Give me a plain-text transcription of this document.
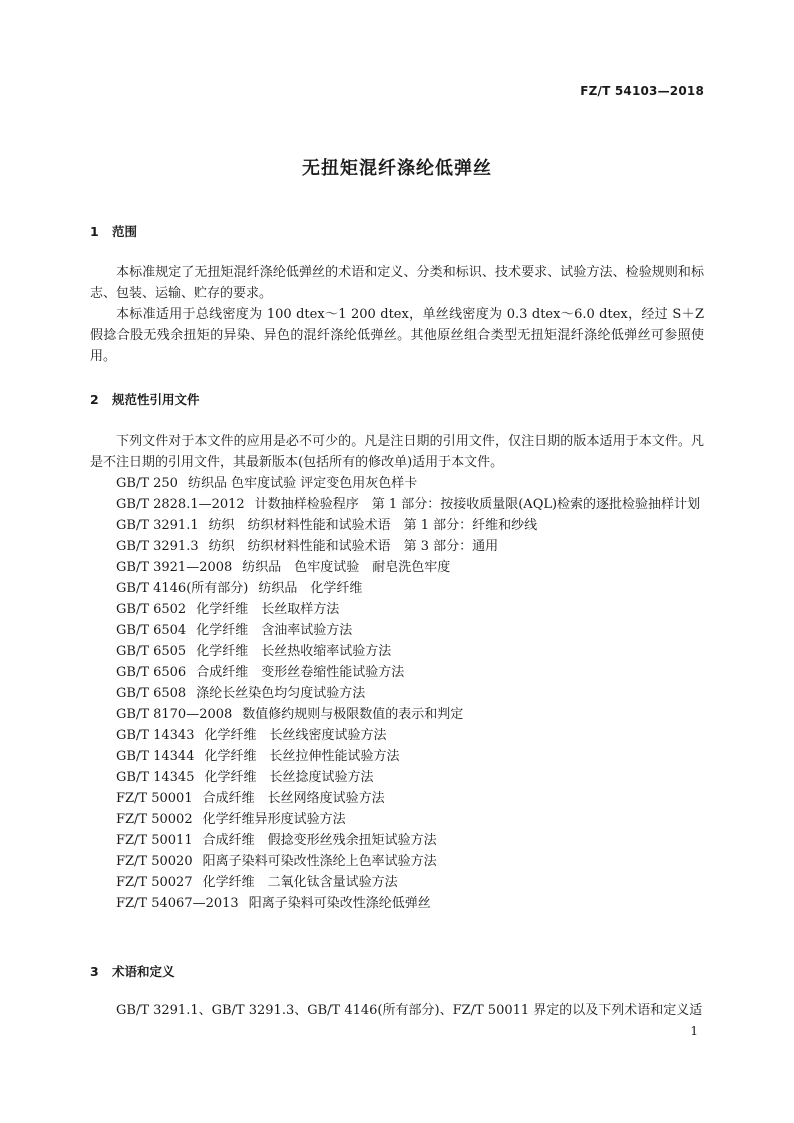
FZ/T 54103—2018
无扭矩混纤涤纶低弹丝
1 范围
本标准规定了无扭矩混纤涤纶低弹丝的术语和定义、分类和标识、技术要求、试验方法、检验规则和标志、包装、运输、贮存的要求。
本标准适用于总线密度为 100 dtex～1 200 dtex，单丝线密度为 0.3 dtex～6.0 dtex，经过 S＋Z 假捻合股无残余扭矩的异染、异色的混纤涤纶低弹丝。其他原丝组合类型无扭矩混纤涤纶低弹丝可参照使用。
2 规范性引用文件
下列文件对于本文件的应用是必不可少的。凡是注日期的引用文件，仅注日期的版本适用于本文件。凡是不注日期的引用文件，其最新版本(包括所有的修改单)适用于本文件。
GB/T 250 纺织品 色牢度试验 评定变色用灰色样卡
GB/T 2828.1—2012 计数抽样检验程序　第 1 部分：按接收质量限(AQL)检索的逐批检验抽样计划
GB/T 3291.1 纺织　纺织材料性能和试验术语　第 1 部分：纤维和纱线
GB/T 3291.3 纺织　纺织材料性能和试验术语　第 3 部分：通用
GB/T 3921—2008 纺织品　色牢度试验　耐皂洗色牢度
GB/T 4146(所有部分) 纺织品　化学纤维
GB/T 6502 化学纤维　长丝取样方法
GB/T 6504 化学纤维　含油率试验方法
GB/T 6505 化学纤维　长丝热收缩率试验方法
GB/T 6506 合成纤维　变形丝卷缩性能试验方法
GB/T 6508 涤纶长丝染色均匀度试验方法
GB/T 8170—2008 数值修约规则与极限数值的表示和判定
GB/T 14343 化学纤维　长丝线密度试验方法
GB/T 14344 化学纤维　长丝拉伸性能试验方法
GB/T 14345 化学纤维　长丝捻度试验方法
FZ/T 50001 合成纤维　长丝网络度试验方法
FZ/T 50002 化学纤维异形度试验方法
FZ/T 50011 合成纤维　假捻变形丝残余扭矩试验方法
FZ/T 50020 阳离子染料可染改性涤纶上色率试验方法
FZ/T 50027 化学纤维　二氧化钛含量试验方法
FZ/T 54067—2013 阳离子染料可染改性涤纶低弹丝
3 术语和定义
GB/T 3291.1、GB/T 3291.3、GB/T 4146(所有部分)、FZ/T 50011 界定的以及下列术语和定义适
1
